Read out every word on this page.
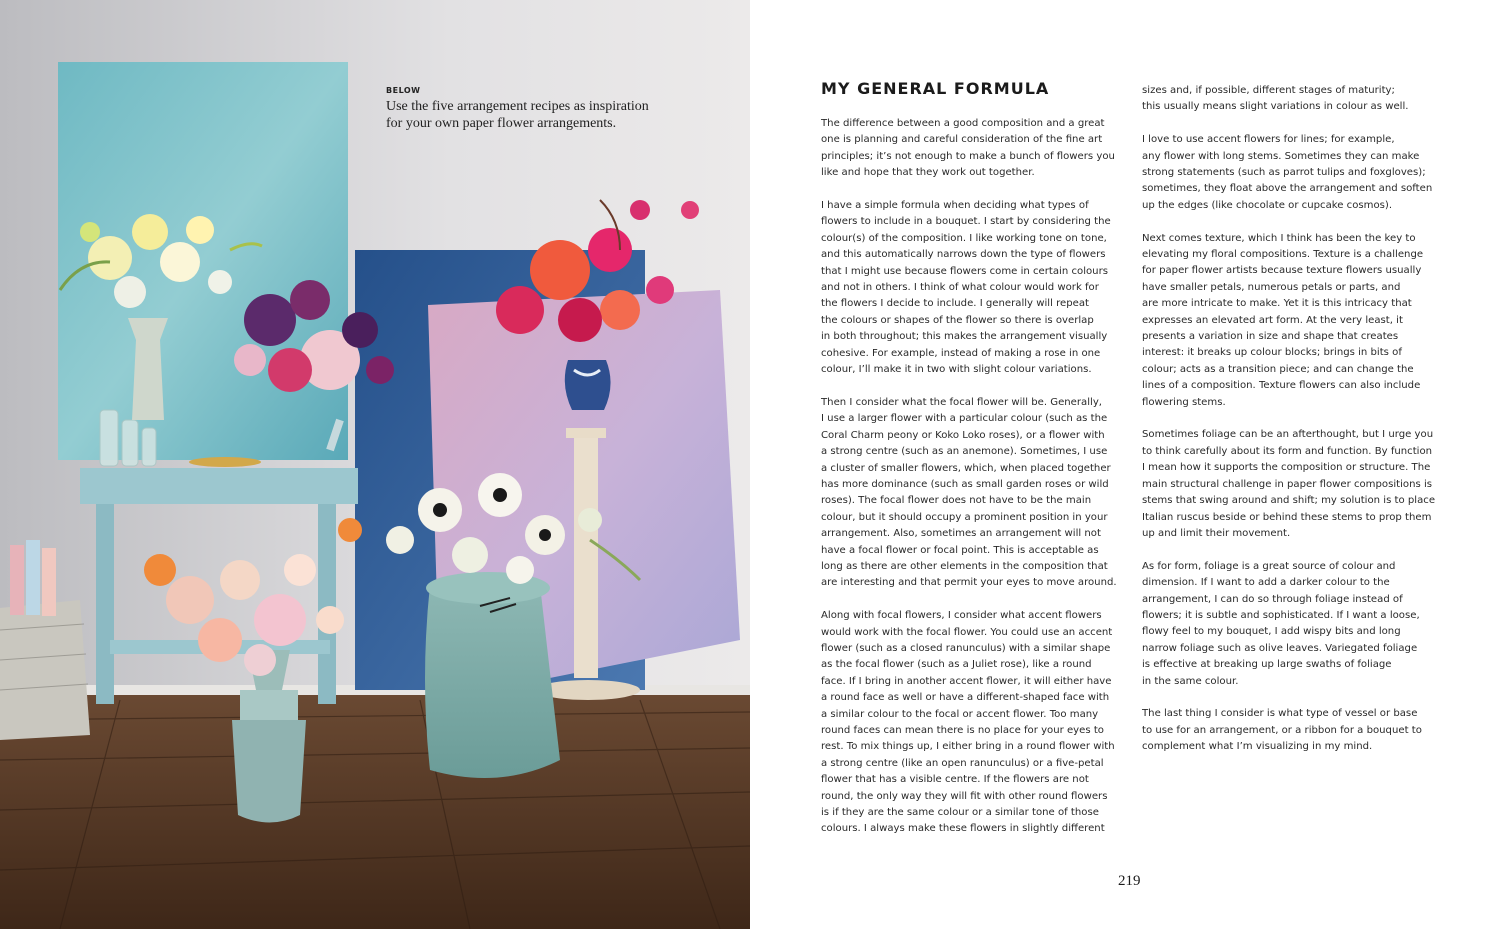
BELOW
Use the five arrangement recipes as inspiration
for your own paper flower arrangements.
MY GENERAL FORMULA
The difference between a good composition and a great
one is planning and careful consideration of the fine art
principles; it’s not enough to make a bunch of flowers you
like and hope that they work out together.
I have a simple formula when deciding what types of
flowers to include in a bouquet. I start by considering the
colour(s) of the composition. I like working tone on tone,
and this automatically narrows down the type of flowers
that I might use because flowers come in certain colours
and not in others. I think of what colour would work for
the flowers I decide to include. I generally will repeat
the colours or shapes of the flower so there is overlap
in both throughout; this makes the arrangement visually
cohesive. For example, instead of making a rose in one
colour, I’ll make it in two with slight colour variations.
Then I consider what the focal flower will be. Generally,
I use a larger flower with a particular colour (such as the
Coral Charm peony or Koko Loko roses), or a flower with
a strong centre (such as an anemone). Sometimes, I use
a cluster of smaller flowers, which, when placed together
has more dominance (such as small garden roses or wild
roses). The focal flower does not have to be the main
colour, but it should occupy a prominent position in your
arrangement. Also, sometimes an arrangement will not
have a focal flower or focal point. This is acceptable as
long as there are other elements in the composition that
are interesting and that permit your eyes to move around.
Along with focal flowers, I consider what accent flowers
would work with the focal flower. You could use an accent
flower (such as a closed ranunculus) with a similar shape
as the focal flower (such as a Juliet rose), like a round
face. If I bring in another accent flower, it will either have
a round face as well or have a different-shaped face with
a similar colour to the focal or accent flower. Too many
round faces can mean there is no place for your eyes to
rest. To mix things up, I either bring in a round flower with
a strong centre (like an open ranunculus) or a five-petal
flower that has a visible centre. If the flowers are not
round, the only way they will fit with other round flowers
is if they are the same colour or a similar tone of those
colours. I always make these flowers in slightly different
sizes and, if possible, different stages of maturity;
this usually means slight variations in colour as well.
I love to use accent flowers for lines; for example,
any flower with long stems. Sometimes they can make
strong statements (such as parrot tulips and foxgloves);
sometimes, they float above the arrangement and soften
up the edges (like chocolate or cupcake cosmos).
Next comes texture, which I think has been the key to
elevating my floral compositions. Texture is a challenge
for paper flower artists because texture flowers usually
have smaller petals, numerous petals or parts, and
are more intricate to make. Yet it is this intricacy that
expresses an elevated art form. At the very least, it
presents a variation in size and shape that creates
interest: it breaks up colour blocks; brings in bits of
colour; acts as a transition piece; and can change the
lines of a composition. Texture flowers can also include
flowering stems.
Sometimes foliage can be an afterthought, but I urge you
to think carefully about its form and function. By function
I mean how it supports the composition or structure. The
main structural challenge in paper flower compositions is
stems that swing around and shift; my solution is to place
Italian ruscus beside or behind these stems to prop them
up and limit their movement.
As for form, foliage is a great source of colour and
dimension. If I want to add a darker colour to the
arrangement, I can do so through foliage instead of
flowers; it is subtle and sophisticated. If I want a loose,
flowy feel to my bouquet, I add wispy bits and long
narrow foliage such as olive leaves. Variegated foliage
is effective at breaking up large swaths of foliage
in the same colour.
The last thing I consider is what type of vessel or base
to use for an arrangement, or a ribbon for a bouquet to
complement what I’m visualizing in my mind.
219
